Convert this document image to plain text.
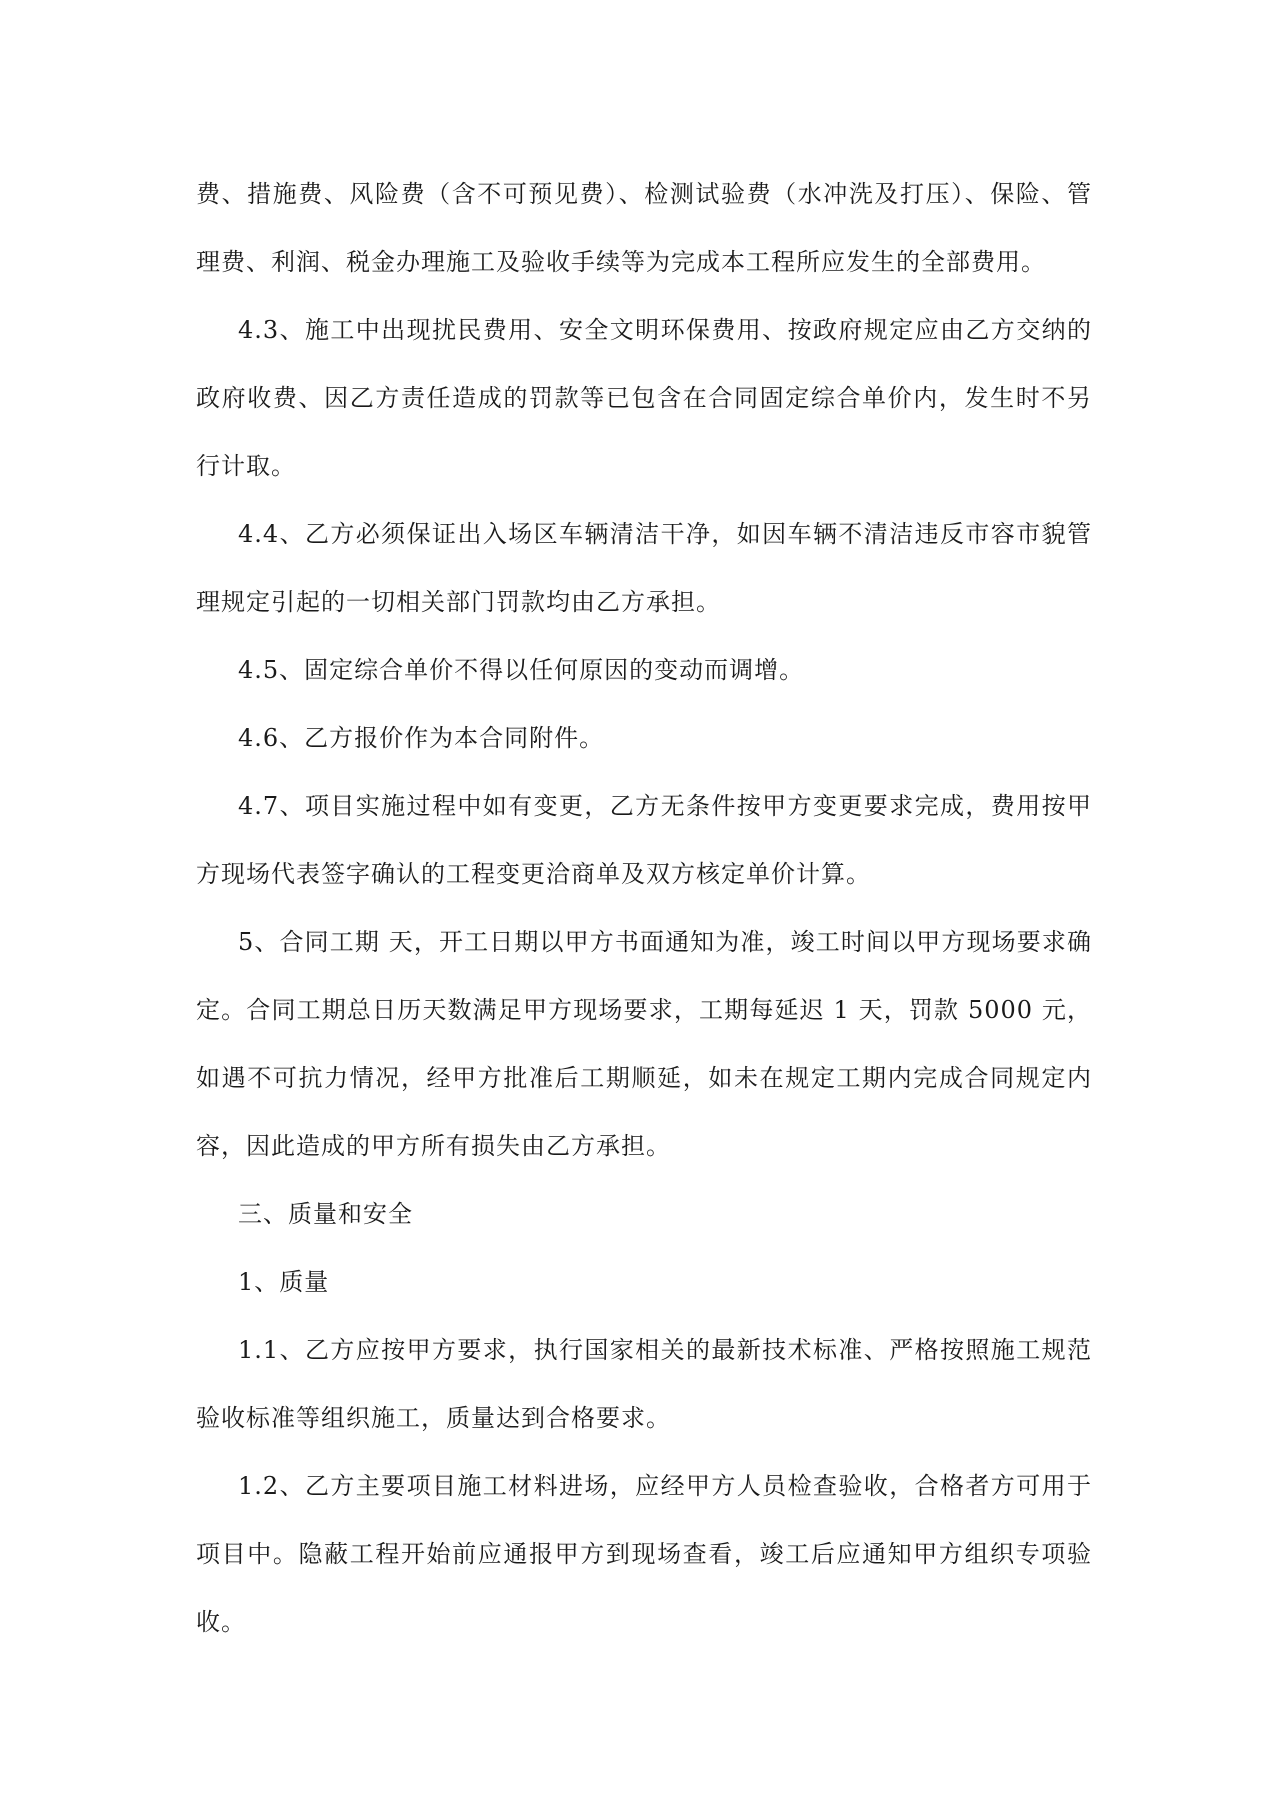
费、措施费、风险费（含不可预见费）、检测试验费（水冲洗及打压）、保险、管理费、利润、税金办理施工及验收手续等为完成本工程所应发生的全部费用。

4.3、施工中出现扰民费用、安全文明环保费用、按政府规定应由乙方交纳的政府收费、因乙方责任造成的罚款等已包含在合同固定综合单价内，发生时不另行计取。

4.4、乙方必须保证出入场区车辆清洁干净，如因车辆不清洁违反市容市貌管理规定引起的一切相关部门罚款均由乙方承担。

4.5、固定综合单价不得以任何原因的变动而调增。

4.6、乙方报价作为本合同附件。

4.7、项目实施过程中如有变更，乙方无条件按甲方变更要求完成，费用按甲方现场代表签字确认的工程变更洽商单及双方核定单价计算。

5、合同工期 天，开工日期以甲方书面通知为准，竣工时间以甲方现场要求确定。合同工期总日历天数满足甲方现场要求，工期每延迟 1 天，罚款 5000 元，如遇不可抗力情况，经甲方批准后工期顺延，如未在规定工期内完成合同规定内容，因此造成的甲方所有损失由乙方承担。

三、质量和安全

1、质量

1.1、乙方应按甲方要求，执行国家相关的最新技术标准、严格按照施工规范验收标准等组织施工，质量达到合格要求。

1.2、乙方主要项目施工材料进场，应经甲方人员检查验收，合格者方可用于项目中。隐蔽工程开始前应通报甲方到现场查看，竣工后应通知甲方组织专项验收。
